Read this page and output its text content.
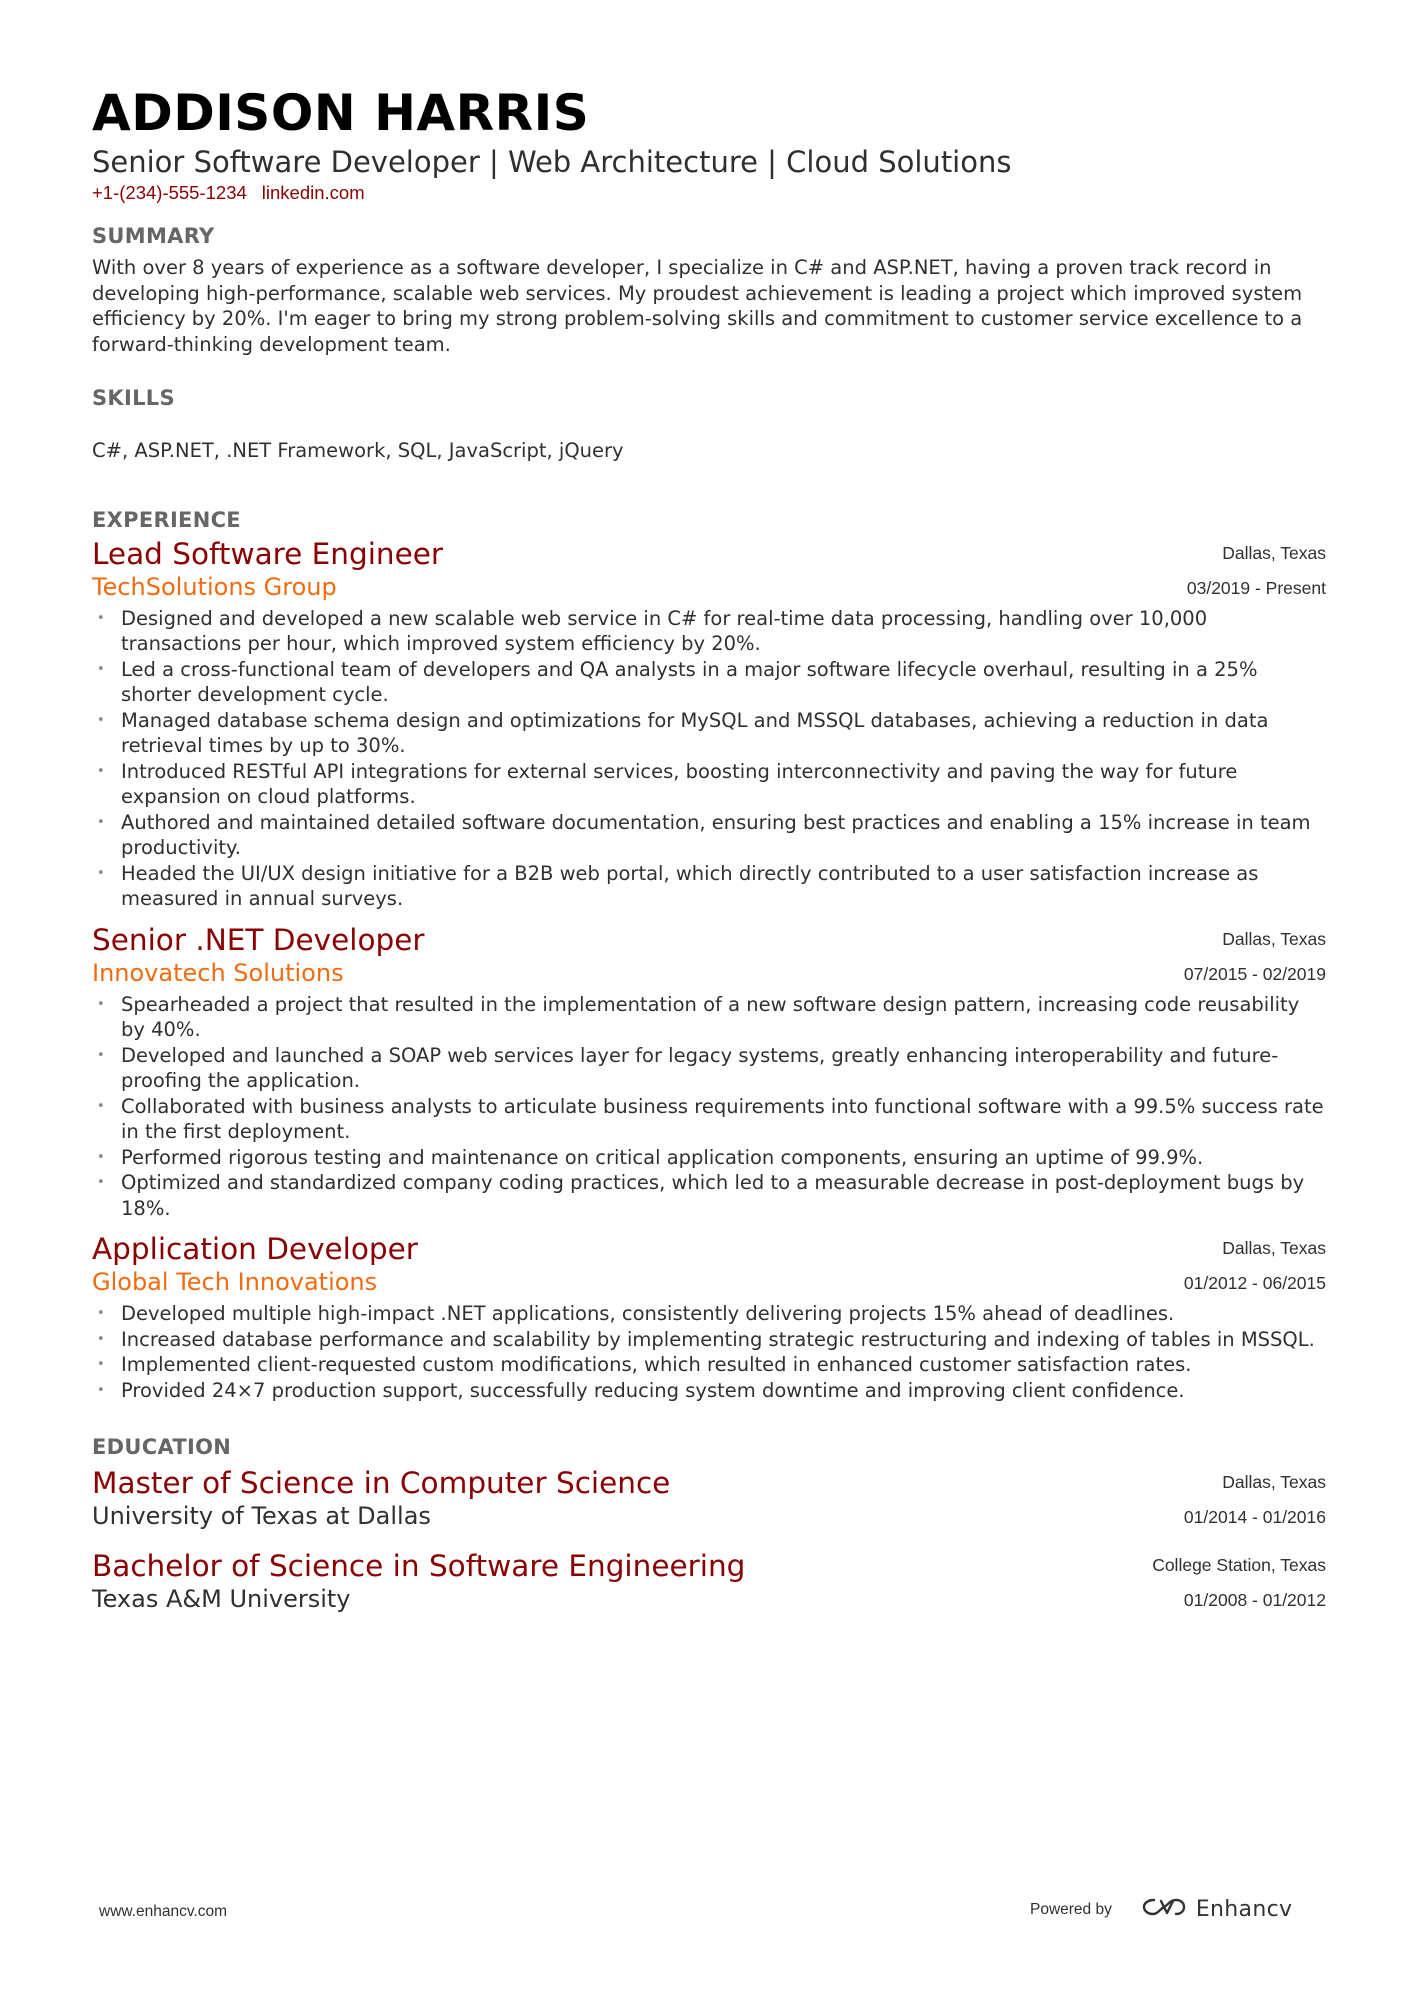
ADDISON HARRIS
Senior Software Developer | Web Architecture | Cloud Solutions
+1-(234)-555-1234 linkedin.com
SUMMARY
With over 8 years of experience as a software developer, I specialize in C# and ASP.NET, having a proven track record in developing high-performance, scalable web services. My proudest achievement is leading a project which improved system efficiency by 20%. I'm eager to bring my strong problem-solving skills and commitment to customer service excellence to a forward-thinking development team.
SKILLS
C#, ASP.NET, .NET Framework, SQL, JavaScript, jQuery
EXPERIENCE
Lead Software Engineer
TechSolutions Group
Dallas, Texas
03/2019 - Present
• Designed and developed a new scalable web service in C# for real-time data processing, handling over 10,000 transactions per hour, which improved system efficiency by 20%.
• Led a cross-functional team of developers and QA analysts in a major software lifecycle overhaul, resulting in a 25% shorter development cycle.
• Managed database schema design and optimizations for MySQL and MSSQL databases, achieving a reduction in data retrieval times by up to 30%.
• Introduced RESTful API integrations for external services, boosting interconnectivity and paving the way for future expansion on cloud platforms.
• Authored and maintained detailed software documentation, ensuring best practices and enabling a 15% increase in team productivity.
• Headed the UI/UX design initiative for a B2B web portal, which directly contributed to a user satisfaction increase as measured in annual surveys.
Senior .NET Developer
Innovatech Solutions
Dallas, Texas
07/2015 - 02/2019
• Spearheaded a project that resulted in the implementation of a new software design pattern, increasing code reusability by 40%.
• Developed and launched a SOAP web services layer for legacy systems, greatly enhancing interoperability and future-proofing the application.
• Collaborated with business analysts to articulate business requirements into functional software with a 99.5% success rate in the first deployment.
• Performed rigorous testing and maintenance on critical application components, ensuring an uptime of 99.9%.
• Optimized and standardized company coding practices, which led to a measurable decrease in post-deployment bugs by 18%.
Application Developer
Global Tech Innovations
Dallas, Texas
01/2012 - 06/2015
• Developed multiple high-impact .NET applications, consistently delivering projects 15% ahead of deadlines.
• Increased database performance and scalability by implementing strategic restructuring and indexing of tables in MSSQL.
• Implemented client-requested custom modifications, which resulted in enhanced customer satisfaction rates.
• Provided 24×7 production support, successfully reducing system downtime and improving client confidence.
EDUCATION
Master of Science in Computer Science
University of Texas at Dallas
Dallas, Texas
01/2014 - 01/2016
Bachelor of Science in Software Engineering
Texas A&M University
College Station, Texas
01/2008 - 01/2012
www.enhancv.com	Powered by	Enhancv
